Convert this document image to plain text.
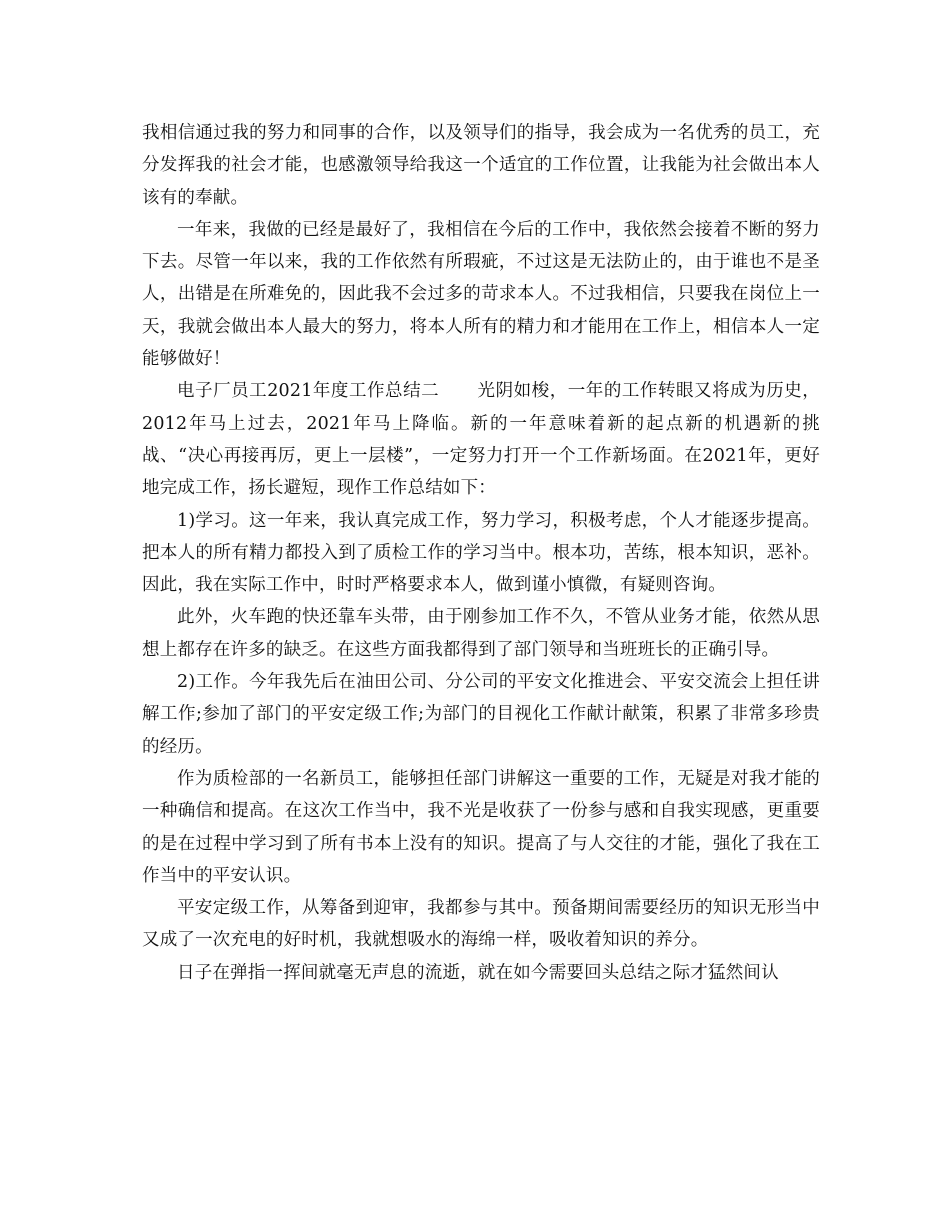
我相信通过我的努力和同事的合作，以及领导们的指导，我会成为一名优秀的员工，充分发挥我的社会才能，也感激领导给我这一个适宜的工作位置，让我能为社会做出本人该有的奉献。

一年来，我做的已经是最好了，我相信在今后的工作中，我依然会接着不断的努力下去。尽管一年以来，我的工作依然有所瑕疵，不过这是无法防止的，由于谁也不是圣人，出错是在所难免的，因此我不会过多的苛求本人。不过我相信，只要我在岗位上一天，我就会做出本人最大的努力，将本人所有的精力和才能用在工作上，相信本人一定能够做好！

电子厂员工2021年度工作总结二 光阴如梭，一年的工作转眼又将成为历史，2012年马上过去，2021年马上降临。新的一年意味着新的起点新的机遇新的挑战、“决心再接再厉，更上一层楼”，一定努力打开一个工作新场面。在2021年，更好地完成工作，扬长避短，现作工作总结如下：

1)学习。这一年来，我认真完成工作，努力学习，积极考虑，个人才能逐步提高。把本人的所有精力都投入到了质检工作的学习当中。根本功，苦练，根本知识，恶补。因此，我在实际工作中，时时严格要求本人，做到谨小慎微，有疑则咨询。

此外，火车跑的快还靠车头带，由于刚参加工作不久，不管从业务才能，依然从思想上都存在许多的缺乏。在这些方面我都得到了部门领导和当班班长的正确引导。

2)工作。今年我先后在油田公司、分公司的平安文化推进会、平安交流会上担任讲解工作;参加了部门的平安定级工作;为部门的目视化工作献计献策，积累了非常多珍贵的经历。

作为质检部的一名新员工，能够担任部门讲解这一重要的工作，无疑是对我才能的一种确信和提高。在这次工作当中，我不光是收获了一份参与感和自我实现感，更重要的是在过程中学习到了所有书本上没有的知识。提高了与人交往的才能，强化了我在工作当中的平安认识。

平安定级工作，从筹备到迎审，我都参与其中。预备期间需要经历的知识无形当中又成了一次充电的好时机，我就想吸水的海绵一样，吸收着知识的养分。

日子在弹指一挥间就毫无声息的流逝，就在如今需要回头总结之际才猛然间认
